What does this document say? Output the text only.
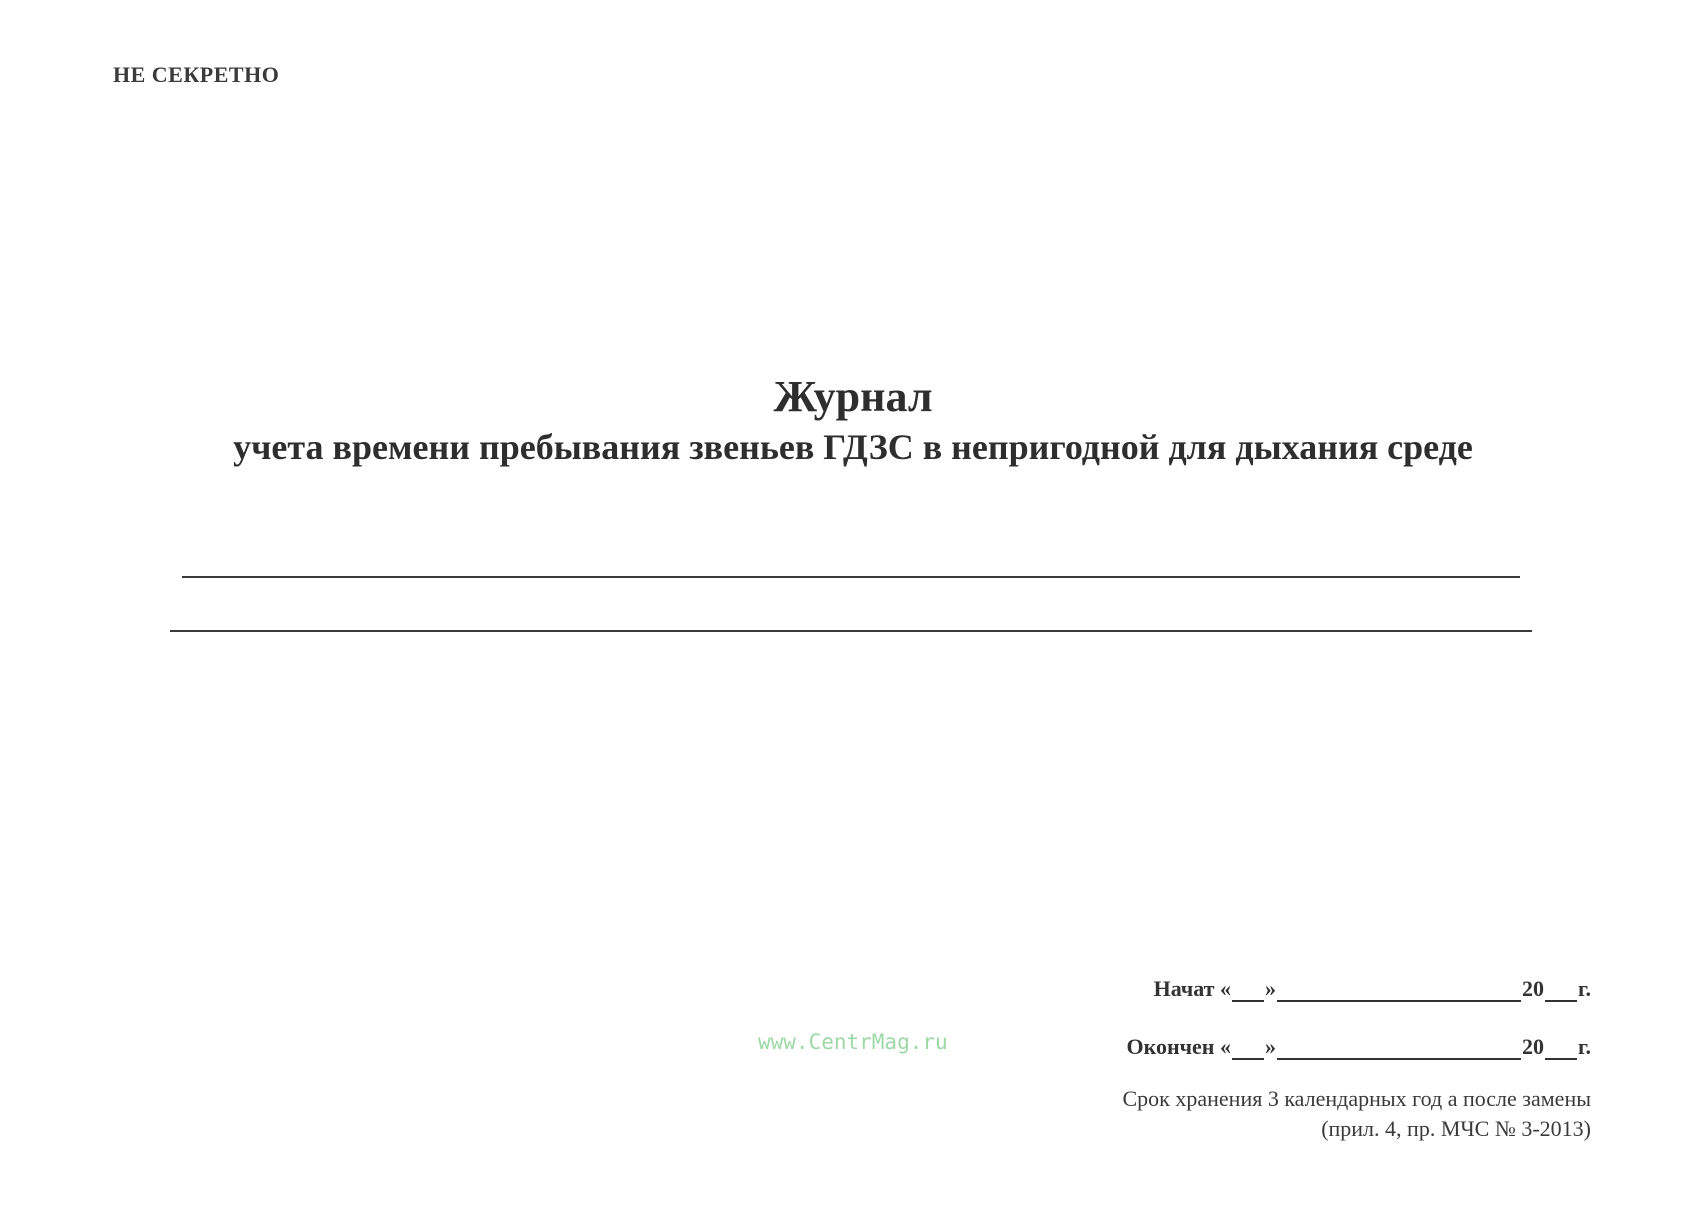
НЕ СЕКРЕТНО
Журнал
учета времени пребывания звеньев ГДЗС в непригодной для дыхания среде
www.CentrMag.ru
Начат
« »	20 г.
Окончен
« »	20 г.
Срок хранения 3 календарных год а после замены
(прил. 4, пр. МЧС № 3-2013)
